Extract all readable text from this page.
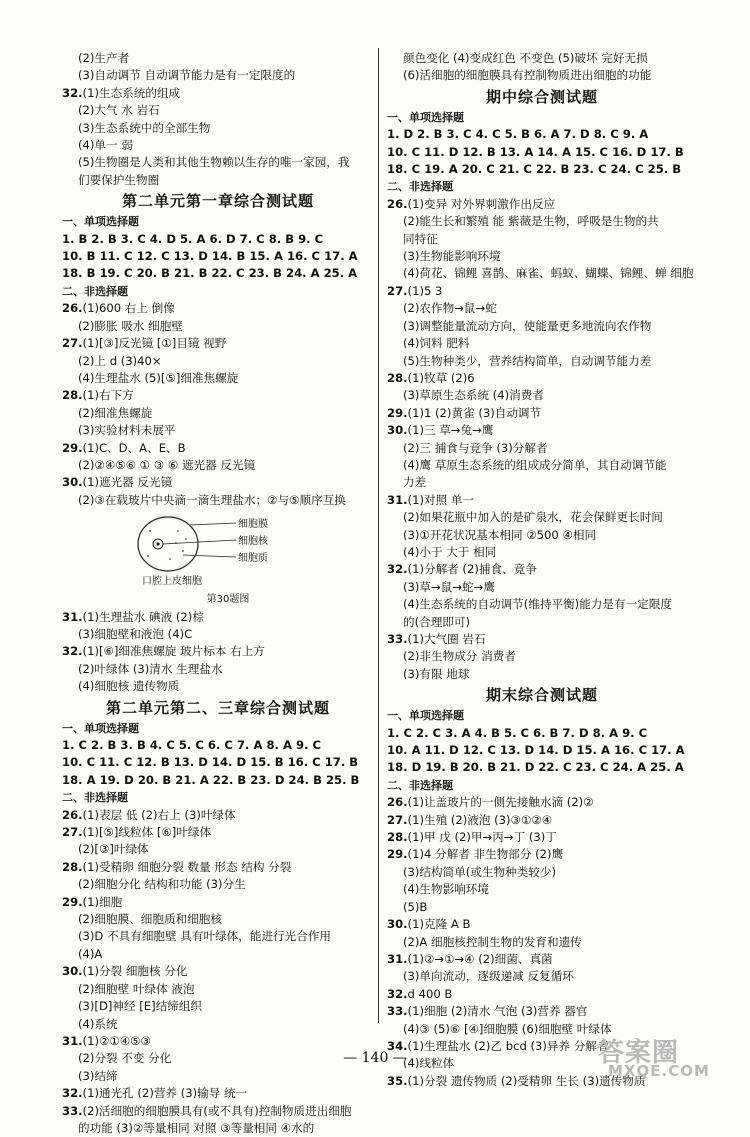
(2)生产者
(3)自动调节 自动调节能力是有一定限度的
32.(1)生态系统的组成
(2)大气 水 岩石
(3)生态系统中的全部生物
(4)单一 弱
(5)生物圈是人类和其他生物赖以生存的唯一家园，我
们要保护生物圈
第二单元第一章综合测试题
一、单项选择题
1. B 2. B 3. C 4. D 5. A 6. D 7. C 8. B 9. C
10. B 11. C 12. C 13. D 14. B 15. A 16. C 17. A
18. B 19. C 20. B 21. B 22. C 23. B 24. A 25. A
二、非选择题
26.(1)600 右上 倒像
(2)膨胀 吸水 细胞壁
27.(1)[③]反光镜 [①]目镜 视野
(2)上 d (3)40×
(4)生理盐水 (5)[⑤]细准焦螺旋
28.(1)右下方
(2)细准焦螺旋
(3)实验材料未展平
29.(1)C、D、A、E、B
(2)②④⑤⑥ ① ③ ⑥ 遮光器 反光镜
30.(1)遮光器 反光镜
(2)③在载玻片中央滴一滴生理盐水；②与⑤顺序互换
细胞膜
细胞核
细胞质
口腔上皮细胞
第30题图
31.(1)生理盐水 碘液 (2)棕
(3)细胞壁和液泡 (4)C
32.(1)[⑥]细准焦螺旋 玻片标本 右上方
(2)叶绿体 (3)清水 生理盐水
(4)细胞核 遗传物质
第二单元第二、三章综合测试题
一、单项选择题
1. C 2. B 3. B 4. C 5. C 6. C 7. A 8. A 9. C
10. C 11. C 12. B 13. D 14. D 15. B 16. C 17. B
18. A 19. D 20. B 21. A 22. B 23. D 24. B 25. B
二、非选择题
26.(1)表层 低 (2)右上 (3)叶绿体
27.(1)[⑤]线粒体 [⑥]叶绿体
(2)[③]叶绿体
28.(1)受精卵 细胞分裂 数量 形态 结构 分裂
(2)细胞分化 结构和功能 (3)分生
29.(1)细胞
(2)细胞膜、细胞质和细胞核
(3)D 不具有细胞壁 具有叶绿体，能进行光合作用
(4)A
30.(1)分裂 细胞核 分化
(2)细胞壁 叶绿体 液泡
(3)[D]神经 [E]结缔组织
(4)系统
31.(1)②①④⑤③
(2)分裂 不变 分化
(3)结缔
32.(1)通光孔 (2)营养 (3)输导 统一
33.(2)活细胞的细胞膜具有(或不具有)控制物质进出细胞
的功能 (3)②等量相同 对照 ③等量相同 ④水的
颜色变化 (4)变成红色 不变色 (5)破坏 完好无损
(6)活细胞的细胞膜具有控制物质进出细胞的功能
期中综合测试题
一、单项选择题
1. D 2. B 3. C 4. C 5. B 6. A 7. D 8. C 9. A
10. C 11. D 12. B 13. A 14. A 15. C 16. D 17. B
18. C 19. A 20. C 21. C 22. B 23. C 24. C 25. B
二、非选择题
26.(1)变异 对外界刺激作出反应
(2)能生长和繁殖 能 紫薇是生物，呼吸是生物的共
同特征
(3)生物能影响环境
(4)荷花、锦鲤 喜鹊、麻雀、蚂蚁、蝴蝶、锦鲤、蝉 细胞
27.(1)5 3
(2)农作物→鼠→蛇
(3)调整能量流动方向，使能量更多地流向农作物
(4)饲料 肥料
(5)生物种类少，营养结构简单，自动调节能力差
28.(1)牧草 (2)6
(3)草原生态系统 (4)消费者
29.(1)1 (2)黄雀 (3)自动调节
30.(1)三 草→兔→鹰
(2)三 捕食与竞争 (3)分解者
(4)鹰 草原生态系统的组成成分简单，其自动调节能
力差
31.(1)对照 单一
(2)如果花瓶中加入的是矿泉水，花会保鲜更长时间
(3)①开花状况基本相同 ②500 ④相同
(4)小于 大于 相同
32.(1)分解者 (2)捕食、竞争
(3)草→鼠→蛇→鹰
(4)生态系统的自动调节(维持平衡)能力是有一定限度
的(合理即可)
33.(1)大气圈 岩石
(2)非生物成分 消费者
(3)有限 地球
期末综合测试题
一、单项选择题
1. C 2. C 3. A 4. B 5. C 6. B 7. D 8. A 9. C
10. A 11. D 12. C 13. D 14. D 15. A 16. C 17. A
18. D 19. B 20. B 21. D 22. C 23. C 24. A 25. A
二、非选择题
26.(1)让盖玻片的一侧先接触水滴 (2)②
27.(1)生殖 (2)液泡 (3)③①②④
28.(1)甲 戊 (2)甲→丙→丁 (3)丁
29.(1)4 分解者 非生物部分 (2)鹰
(3)结构简单(或生物种类较少)
(4)生物影响环境
(5)B
30.(1)克隆 A B
(2)A 细胞核控制生物的发育和遗传
31.(1)②→①→④ (2)细菌、真菌
(3)单向流动，逐级递减 反复循环
32.d 400 B
33.(1)细胞 (2)清水 气泡 (3)营养 器官
(4)③ (5)⑥ [④]细胞膜 (6)细胞壁 叶绿体
34.(1)生理盐水 (2)乙 bcd (3)异养 分解者
(4)线粒体
35.(1)分裂 遗传物质 (2)受精卵 生长 (3)遗传物质
— 140 —	答案圈
MXQE.COM
